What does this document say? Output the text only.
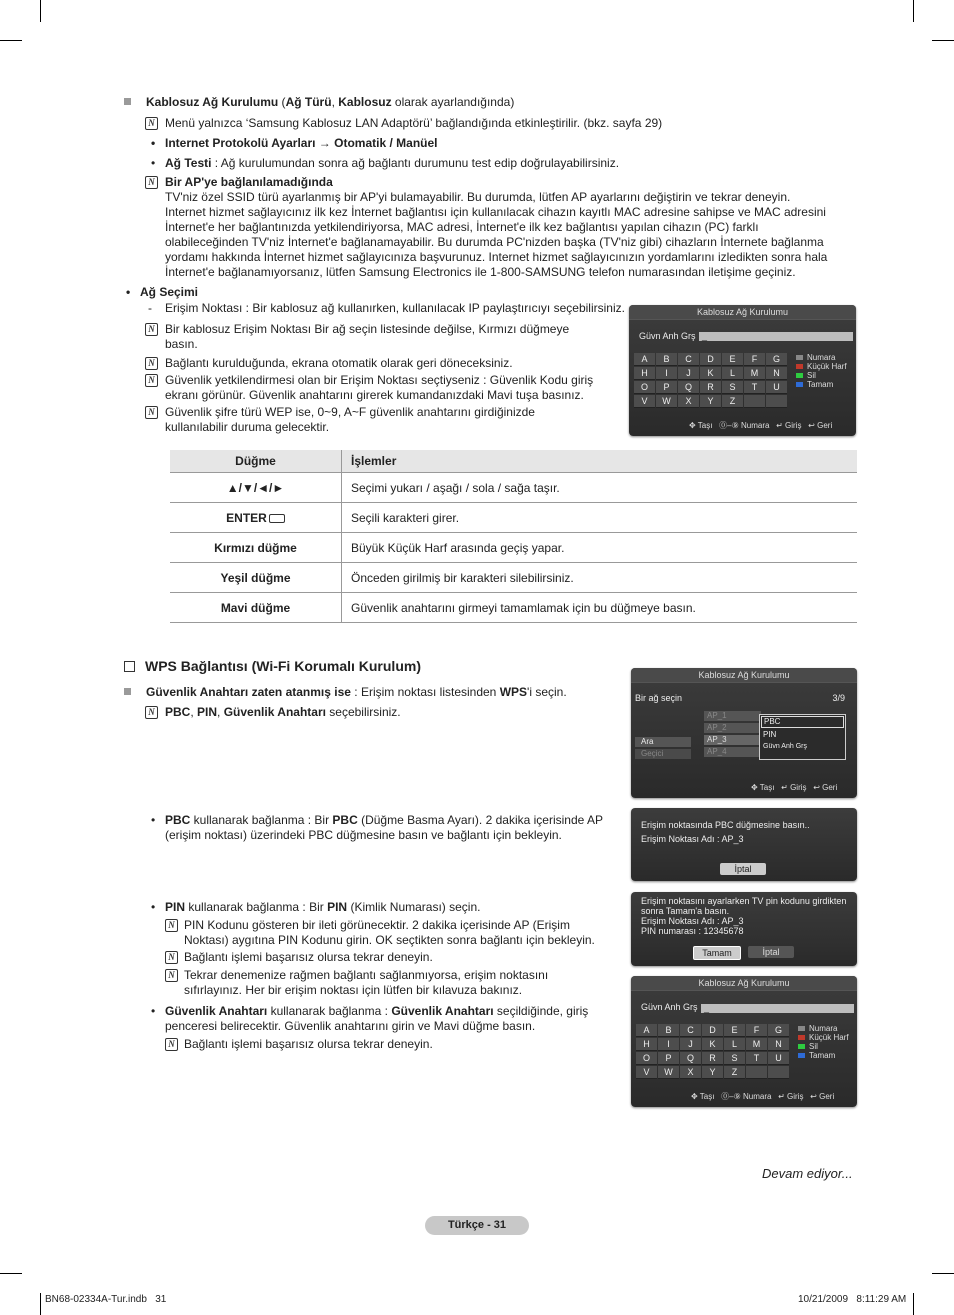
Kablosuz Ağ Kurulumu (Ağ Türü, Kablosuz olarak ayarlandığında)
N Menü yalnızca ‘Samsung Kablosuz LAN Adaptörü’ bağlandığında etkinleştirilir. (bkz. sayfa 29)
• Internet Protokolü Ayarları → Otomatik / Manüel
• Ağ Testi : Ağ kurulumundan sonra ağ bağlantı durumunu test edip doğrulayabilirsiniz.
N Bir AP'ye bağlanılamadığında
TV'niz özel SSID türü ayarlanmış bir AP'yi bulamayabilir. Bu durumda, lütfen AP ayarlarını değiştirin ve tekrar deneyin.
Internet hizmet sağlayıcınız ilk kez İnternet bağlantısı için kullanılacak cihazın kayıtlı MAC adresine sahipse ve MAC adresini
İnternet'e her bağlantınızda yetkilendiriyorsa, MAC adresi, İnternet'e ilk kez bağlantısı yapılan cihazın (PC) farklı
olabileceğinden TV'niz İnternet'e bağlanamayabilir. Bu durumda PC'nizden başka (TV'niz gibi) cihazların İnternete bağlanma
yordamı hakkında İnternet hizmet sağlayıcınıza başvurunuz. Internet hizmet sağlayıcınızın yordamlarını izledikten sonra hala
İnternet'e bağlanamıyorsanız, lütfen Samsung Electronics ile 1-800-SAMSUNG telefon numarasından iletişime geçiniz.
• Ağ Seçimi
- Erişim Noktası : Bir kablosuz ağ kullanırken, kullanılacak IP paylaştırıcıyı seçebilirsiniz.
N Bir kablosuz Erişim Noktası Bir ağ seçin listesinde değilse, Kırmızı düğmeye
basın.
N Bağlantı kurulduğunda, ekrana otomatik olarak geri döneceksiniz.
N Güvenlik yetkilendirmesi olan bir Erişim Noktası seçtiyseniz : Güvenlik Kodu giriş
ekranı görünür. Güvenlik anahtarını girerek kumandanızdaki Mavi tuşa basınız.
N Güvenlik şifre türü WEP ise, 0~9, A~F güvenlik anahtarını girdiğinizde
kullanılabilir duruma gelecektir.
Kablosuz Ağ Kurulumu
Güvn Anh Grş _
A	B	C	D	E	F	G
H	I	J	K	L	M	N
O	P	Q	R	S	T	U
V	W	X	Y	Z
Numara
Küçük Harf
Sil
Tamam
✥ Taşı ⓪–⑨ Numara ↵ Giriş ↩ Geri
Düğme	İşlemler
▲/▼/◄/►	Seçimi yukarı / aşağı / sola / sağa taşır.
ENTER	Seçili karakteri girer.
Kırmızı düğme	Büyük Küçük Harf arasında geçiş yapar.
Yeşil düğme	Önceden girilmiş bir karakteri silebilirsiniz.
Mavi düğme	Güvenlik anahtarını girmeyi tamamlamak için bu düğmeye basın.
WPS Bağlantısı (Wi-Fi Korumalı Kurulum)
Güvenlik Anahtarı zaten atanmış ise : Erişim noktası listesinden WPS'i seçin.
N PBC, PIN, Güvenlik Anahtarı seçebilirsiniz.
Kablosuz Ağ Kurulumu
Bir ağ seçin	3/9
AP_1
AP_2
AP_3
AP_4
Ara
Geçici
PBC
PIN
Güvn Anh Grş
✥ Taşı ↵ Giriş ↩ Geri
• PBC kullanarak bağlanma : Bir PBC (Düğme Basma Ayarı). 2 dakika içerisinde AP
(erişim noktası) üzerindeki PBC düğmesine basın ve bağlantı için bekleyin.
Erişim noktasında PBC düğmesine basın..
Erişim Noktası Adı : AP_3
İptal
• PIN kullanarak bağlanma : Bir PIN (Kimlik Numarası) seçin.
N PIN Kodunu gösteren bir ileti görünecektir. 2 dakika içerisinde AP (Erişim
Noktası) aygıtına PIN Kodunu girin. OK seçtikten sonra bağlantı için bekleyin.
N Bağlantı işlemi başarısız olursa tekrar deneyin.
N Tekrar denemenize rağmen bağlantı sağlanmıyorsa, erişim noktasını
sıfırlayınız. Her bir erişim noktası için lütfen bir kılavuza bakınız.
Erişim noktasını ayarlarken TV pin kodunu girdikten
sonra Tamam'a basın.
Erişim Noktası Adı : AP_3
PIN numarası : 12345678
Tamam	İptal
• Güvenlik Anahtarı kullanarak bağlanma : Güvenlik Anahtarı seçildiğinde, giriş
penceresi belirecektir. Güvenlik anahtarını girin ve Mavi düğme basın.
N Bağlantı işlemi başarısız olursa tekrar deneyin.
Kablosuz Ağ Kurulumu
Güvn Anh Grş _
A	B	C	D	E	F	G
H	I	J	K	L	M	N
O	P	Q	R	S	T	U
V	W	X	Y	Z
Numara
Küçük Harf
Sil
Tamam
✥ Taşı ⓪–⑨ Numara ↵ Giriş ↩ Geri
Devam ediyor...
Türkçe - 31
BN68-02334A-Tur.indb   31	10/21/2009   8:11:29 AM
